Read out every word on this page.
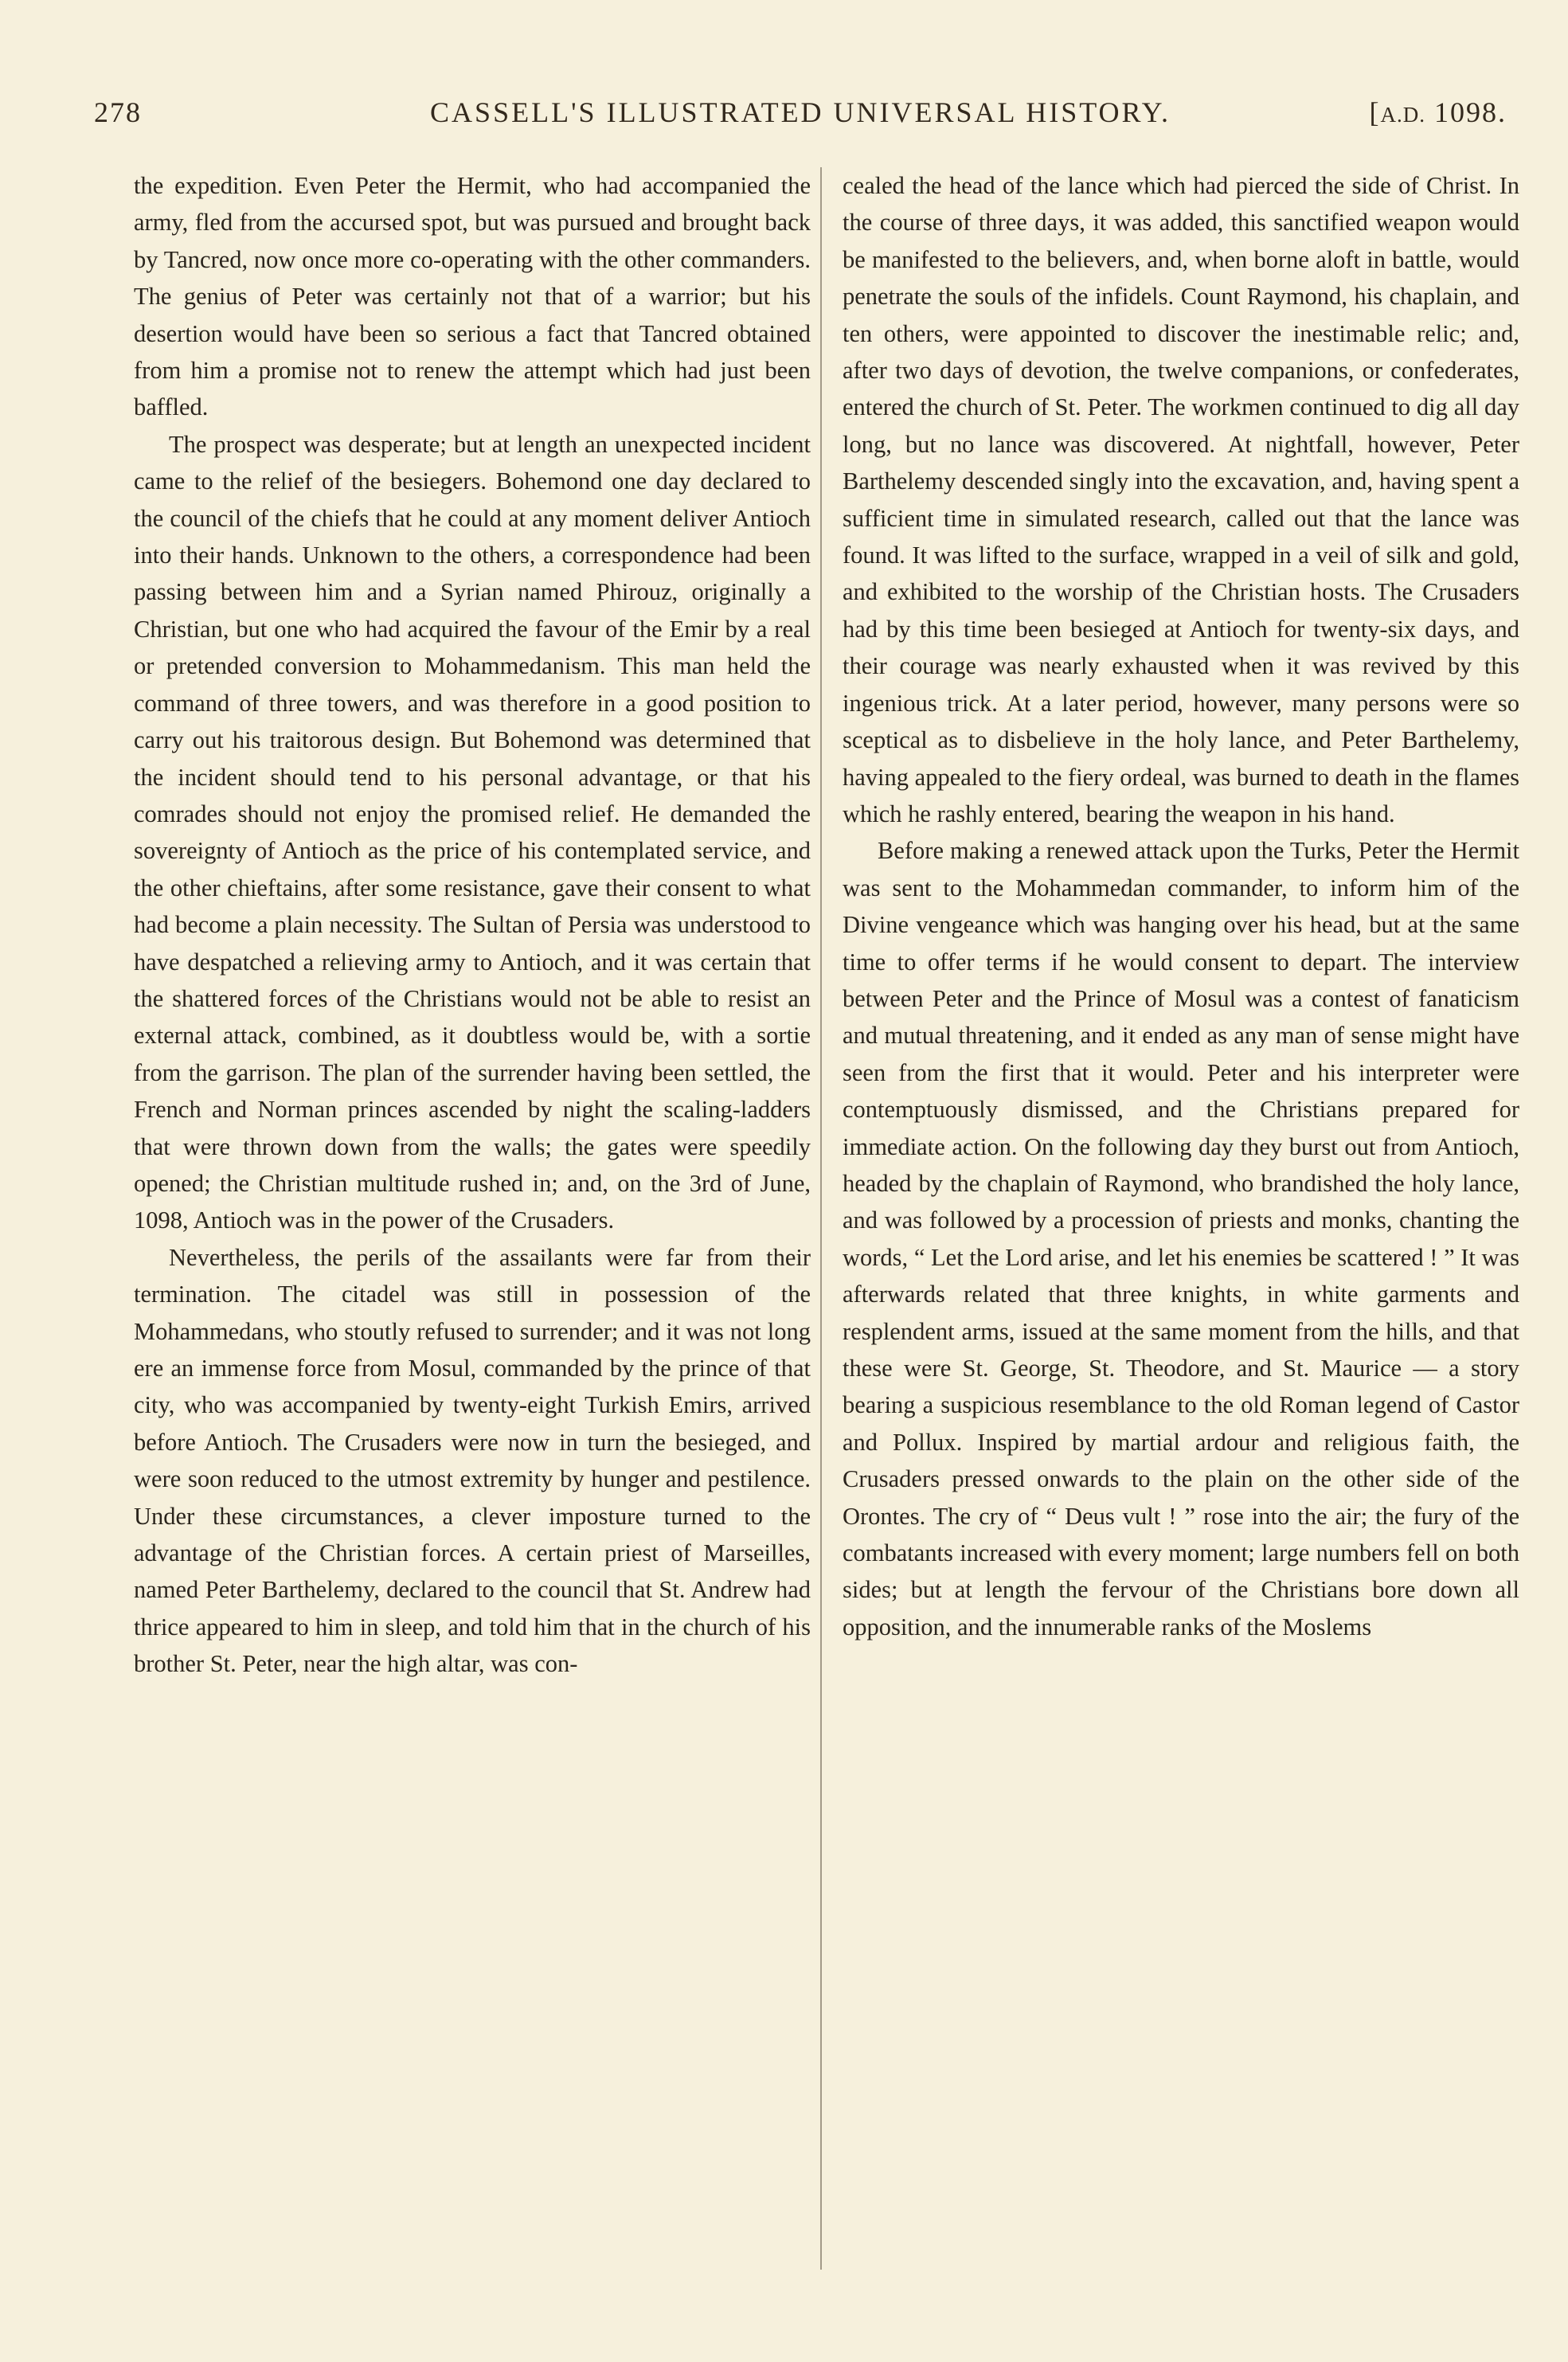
278	CASSELL'S ILLUSTRATED UNIVERSAL HISTORY.	[A.D. 1098.

the expedition. Even Peter the Hermit, who had accompanied the army, fled from the accursed spot, but was pursued and brought back by Tancred, now once more co-operating with the other commanders. The genius of Peter was certainly not that of a warrior; but his desertion would have been so serious a fact that Tancred obtained from him a promise not to renew the attempt which had just been baffled.

The prospect was desperate; but at length an unexpected incident came to the relief of the besiegers. Bohemond one day declared to the council of the chiefs that he could at any moment deliver Antioch into their hands. Unknown to the others, a correspondence had been passing between him and a Syrian named Phirouz, originally a Christian, but one who had acquired the favour of the Emir by a real or pretended conversion to Mohammedanism. This man held the command of three towers, and was therefore in a good position to carry out his traitorous design. But Bohemond was determined that the incident should tend to his personal advantage, or that his comrades should not enjoy the promised relief. He demanded the sovereignty of Antioch as the price of his contemplated service, and the other chieftains, after some resistance, gave their consent to what had become a plain necessity. The Sultan of Persia was understood to have despatched a relieving army to Antioch, and it was certain that the shattered forces of the Christians would not be able to resist an external attack, combined, as it doubtless would be, with a sortie from the garrison. The plan of the surrender having been settled, the French and Norman princes ascended by night the scaling-ladders that were thrown down from the walls; the gates were speedily opened; the Christian multitude rushed in; and, on the 3rd of June, 1098, Antioch was in the power of the Crusaders.

Nevertheless, the perils of the assailants were far from their termination. The citadel was still in possession of the Mohammedans, who stoutly refused to surrender; and it was not long ere an immense force from Mosul, commanded by the prince of that city, who was accompanied by twenty-eight Turkish Emirs, arrived before Antioch. The Crusaders were now in turn the besieged, and were soon reduced to the utmost extremity by hunger and pestilence. Under these circumstances, a clever imposture turned to the advantage of the Christian forces. A certain priest of Marseilles, named Peter Barthelemy, declared to the council that St. Andrew had thrice appeared to him in sleep, and told him that in the church of his brother St. Peter, near the high altar, was con-

cealed the head of the lance which had pierced the side of Christ. In the course of three days, it was added, this sanctified weapon would be manifested to the believers, and, when borne aloft in battle, would penetrate the souls of the infidels. Count Raymond, his chaplain, and ten others, were appointed to discover the inestimable relic; and, after two days of devotion, the twelve companions, or confederates, entered the church of St. Peter. The workmen continued to dig all day long, but no lance was discovered. At nightfall, however, Peter Barthelemy descended singly into the excavation, and, having spent a sufficient time in simulated research, called out that the lance was found. It was lifted to the surface, wrapped in a veil of silk and gold, and exhibited to the worship of the Christian hosts. The Crusaders had by this time been besieged at Antioch for twenty-six days, and their courage was nearly exhausted when it was revived by this ingenious trick. At a later period, however, many persons were so sceptical as to disbelieve in the holy lance, and Peter Barthelemy, having appealed to the fiery ordeal, was burned to death in the flames which he rashly entered, bearing the weapon in his hand.

Before making a renewed attack upon the Turks, Peter the Hermit was sent to the Mohammedan commander, to inform him of the Divine vengeance which was hanging over his head, but at the same time to offer terms if he would consent to depart. The interview between Peter and the Prince of Mosul was a contest of fanaticism and mutual threatening, and it ended as any man of sense might have seen from the first that it would. Peter and his interpreter were contemptuously dismissed, and the Christians prepared for immediate action. On the following day they burst out from Antioch, headed by the chaplain of Raymond, who brandished the holy lance, and was followed by a procession of priests and monks, chanting the words, “ Let the Lord arise, and let his enemies be scattered ! ” It was afterwards related that three knights, in white garments and resplendent arms, issued at the same moment from the hills, and that these were St. George, St. Theodore, and St. Maurice — a story bearing a suspicious resemblance to the old Roman legend of Castor and Pollux. Inspired by martial ardour and religious faith, the Crusaders pressed onwards to the plain on the other side of the Orontes. The cry of “ Deus vult ! ” rose into the air; the fury of the combatants increased with every moment; large numbers fell on both sides; but at length the fervour of the Christians bore down all opposition, and the innumerable ranks of the Moslems
